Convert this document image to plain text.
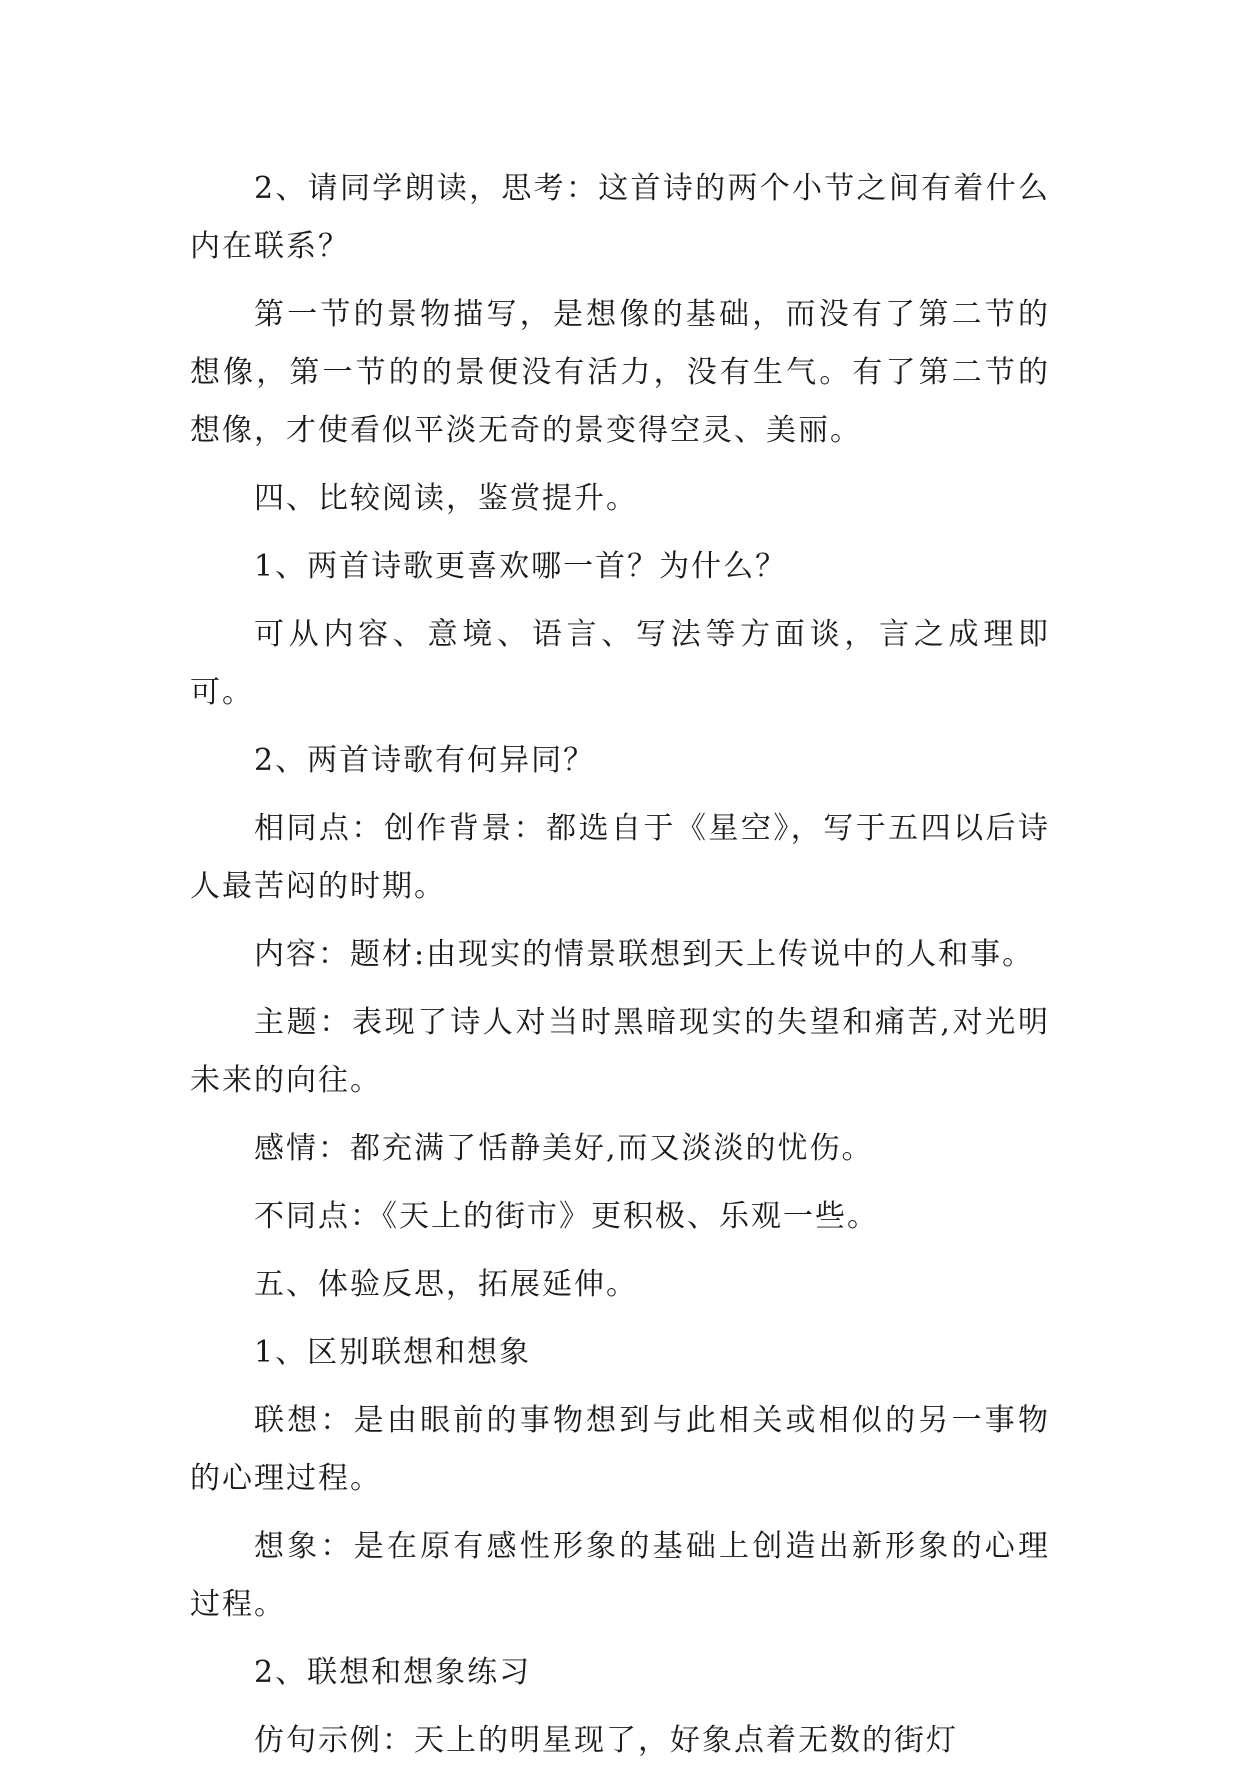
2、请同学朗读，思考：这首诗的两个小节之间有着什么内在联系？

第一节的景物描写，是想像的基础，而没有了第二节的想像，第一节的的景便没有活力，没有生气。有了第二节的想像，才使看似平淡无奇的景变得空灵、美丽。

四、比较阅读，鉴赏提升。

1、两首诗歌更喜欢哪一首？为什么？

可从内容、意境、语言、写法等方面谈，言之成理即可。

2、两首诗歌有何异同？

相同点：创作背景：都选自于《星空》，写于五四以后诗人最苦闷的时期。

内容：题材:由现实的情景联想到天上传说中的人和事。

主题：表现了诗人对当时黑暗现实的失望和痛苦,对光明未来的向往。

感情：都充满了恬静美好,而又淡淡的忧伤。

不同点：《天上的街市》更积极、乐观一些。

五、体验反思，拓展延伸。

1、区别联想和想象

联想：是由眼前的事物想到与此相关或相似的另一事物的心理过程。

想象：是在原有感性形象的基础上创造出新形象的心理过程。

2、联想和想象练习

仿句示例：天上的明星现了，好象点着无数的街灯
